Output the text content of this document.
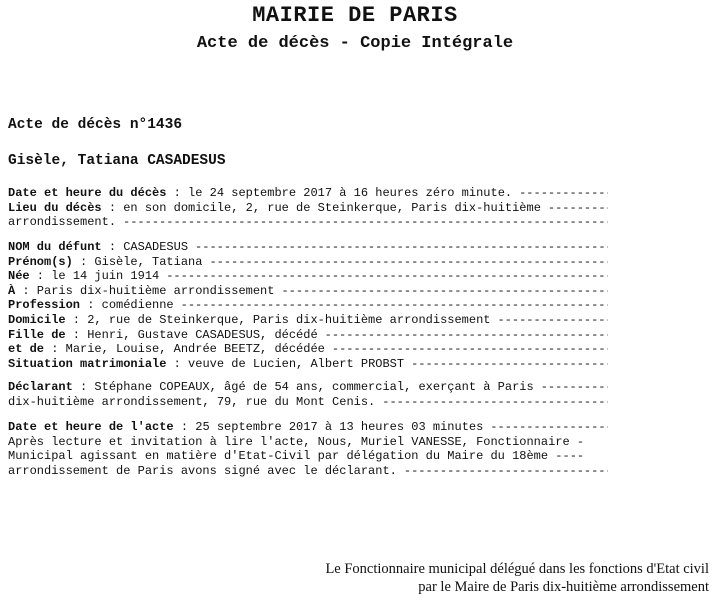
MAIRIE DE PARIS
Acte de décès - Copie Intégrale
Acte de décès n°1436
Gisèle, Tatiana CASADESUS
Date et heure du décès : le 24 septembre 2017 à 16 heures zéro minute.
-----
Lieu du décès : en son domicile, 2, rue de Steinkerque, Paris dix-huitième
-----
arrondissement.
-----
NOM du défunt : CASADESUS
-----
Prénom(s) : Gisèle, Tatiana
-----
Née : le 14 juin 1914
-----
À : Paris dix-huitième arrondissement
-----
Profession : comédienne
-----
Domicile : 2, rue de Steinkerque, Paris dix-huitième arrondissement
-----
Fille de : Henri, Gustave CASADESUS, décédé
-----
et de : Marie, Louise, Andrée BEETZ, décédée
-----
Situation matrimoniale : veuve de Lucien, Albert PROBST
-----
Déclarant : Stéphane COPEAUX, âgé de 54 ans, commercial, exerçant à Paris
-----
dix-huitième arrondissement, 79, rue du Mont Cenis.
-----
Date et heure de l'acte : 25 septembre 2017 à 13 heures 03 minutes
-----
Après lecture et invitation à lire l'acte, Nous, Muriel VANESSE, Fonctionnaire -
Municipal agissant en matière d'Etat-Civil par délégation du Maire du 18ème ----
arrondissement de Paris avons signé avec le déclarant.
-----
Le Fonctionnaire municipal délégué dans les fonctions d'Etat civil
par le Maire de Paris dix-huitième arrondissement
